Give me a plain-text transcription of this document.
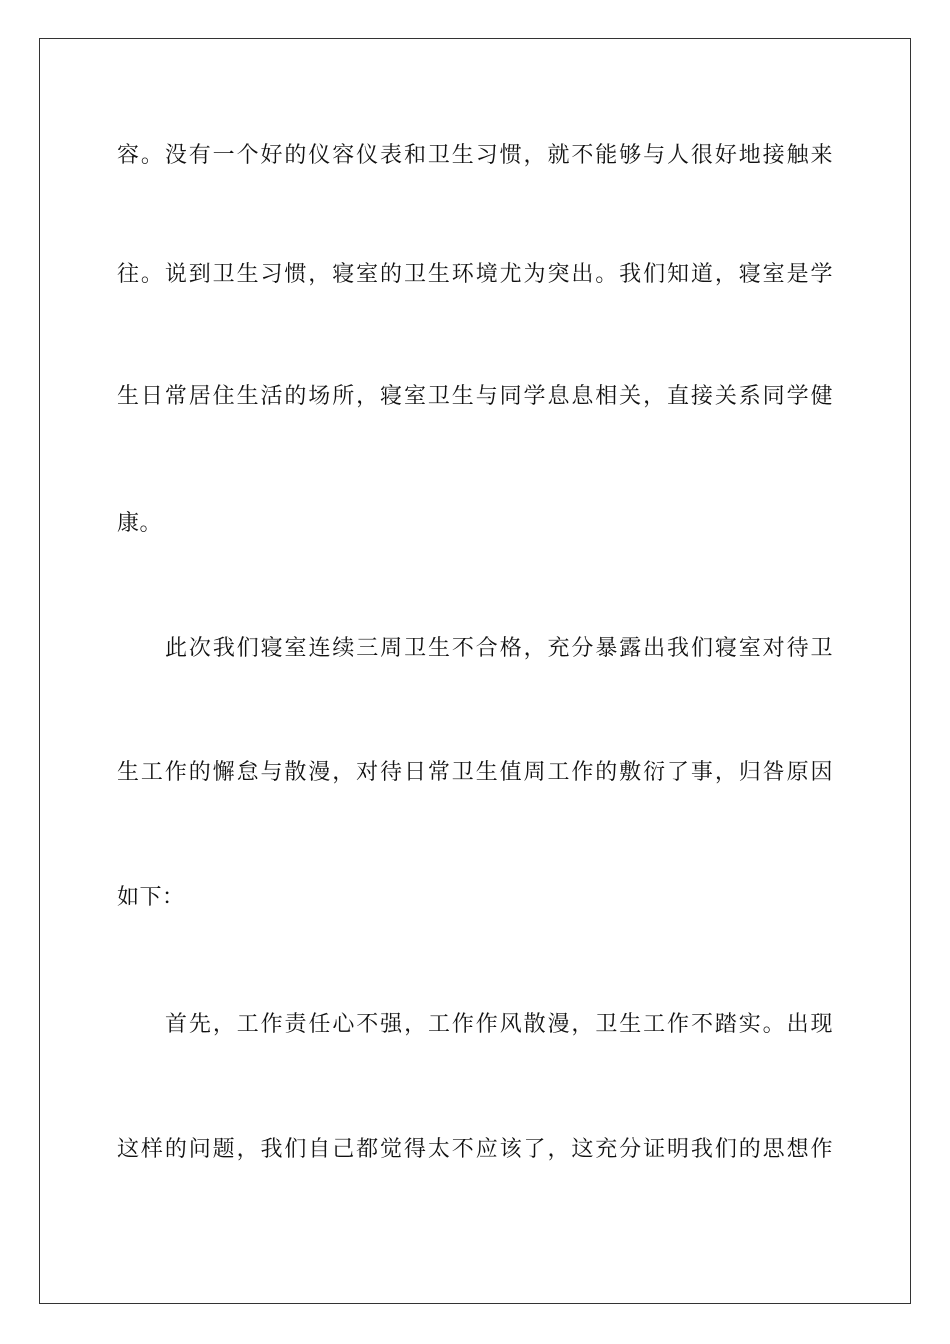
容。没有一个好的仪容仪表和卫生习惯，就不能够与人很好地接触来
往。说到卫生习惯，寝室的卫生环境尤为突出。我们知道，寝室是学
生日常居住生活的场所，寝室卫生与同学息息相关，直接关系同学健
康。
此次我们寝室连续三周卫生不合格，充分暴露出我们寝室对待卫
生工作的懈怠与散漫，对待日常卫生值周工作的敷衍了事，归咎原因
如下：
首先，工作责任心不强，工作作风散漫，卫生工作不踏实。出现
这样的问题，我们自己都觉得太不应该了，这充分证明我们的思想作
